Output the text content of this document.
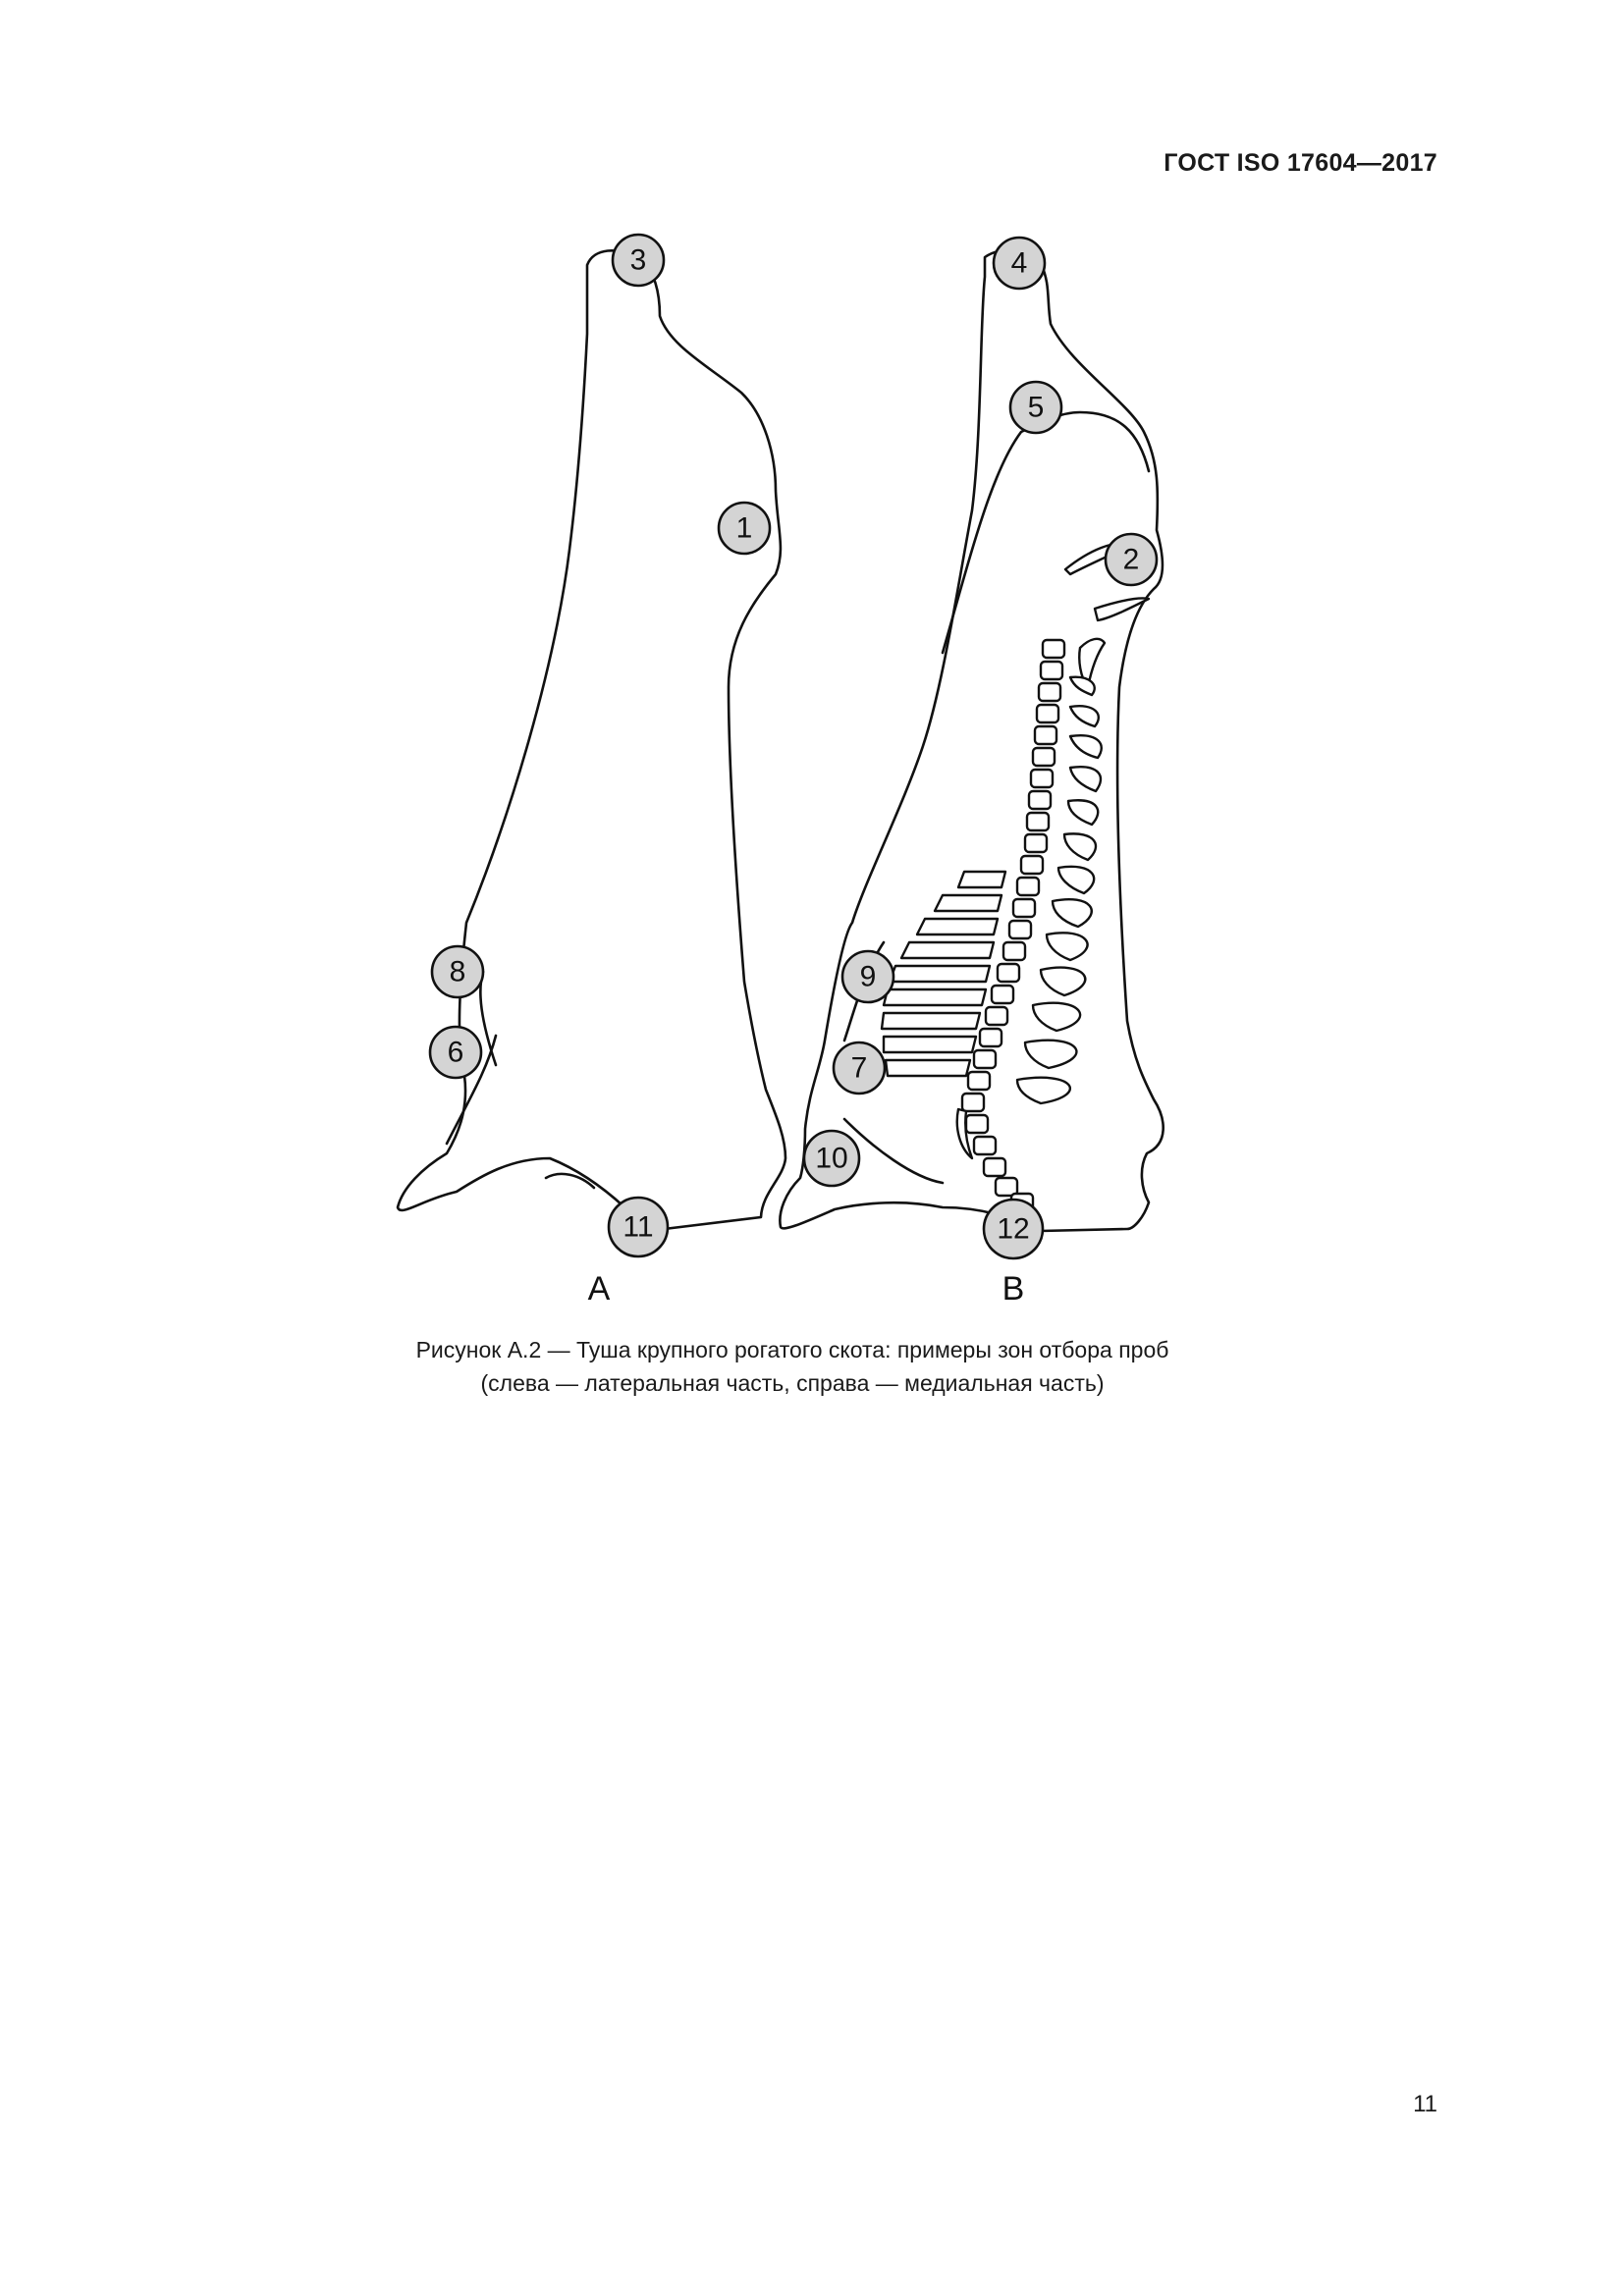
ГОСТ ISO 17604—2017
3
1
8
6
11
4
5
2
9
7
10
12
A	B
Рисунок А.2 — Туша крупного рогатого скота: примеры зон отбора проб
(слева — латеральная часть, справа — медиальная часть)
11
